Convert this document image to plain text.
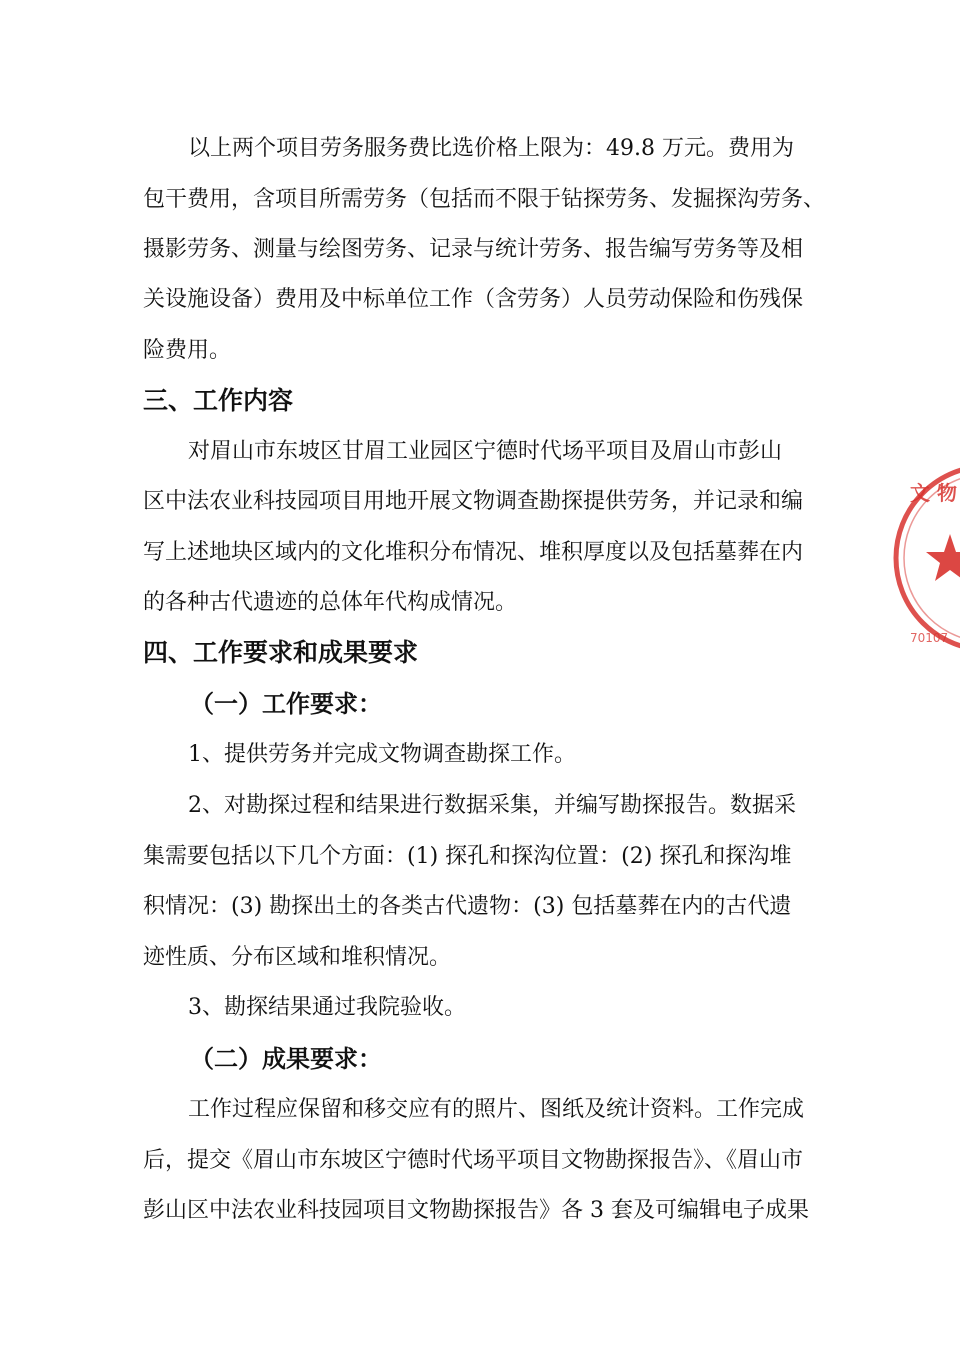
以上两个项目劳务服务费比选价格上限为：49.8 万元。费用为
包干费用，含项目所需劳务（包括而不限于钻探劳务、发掘探沟劳务、
摄影劳务、测量与绘图劳务、记录与统计劳务、报告编写劳务等及相
关设施设备）费用及中标单位工作（含劳务）人员劳动保险和伤残保
险费用。
三、工作内容
对眉山市东坡区甘眉工业园区宁德时代场平项目及眉山市彭山
区中法农业科技园项目用地开展文物调查勘探提供劳务，并记录和编
写上述地块区域内的文化堆积分布情况、堆积厚度以及包括墓葬在内
的各种古代遗迹的总体年代构成情况。
四、工作要求和成果要求
（一）工作要求：
1、提供劳务并完成文物调查勘探工作。
2、对勘探过程和结果进行数据采集，并编写勘探报告。数据采
集需要包括以下几个方面：(1) 探孔和探沟位置：(2) 探孔和探沟堆
积情况：(3) 勘探出土的各类古代遗物：(3) 包括墓葬在内的古代遗
迹性质、分布区域和堆积情况。
3、勘探结果通过我院验收。
（二）成果要求：
工作过程应保留和移交应有的照片、图纸及统计资料。工作完成
后，提交《眉山市东坡区宁德时代场平项目文物勘探报告》、《眉山市
彭山区中法农业科技园项目文物勘探报告》各 3 套及可编辑电子成果
文 物
70107
